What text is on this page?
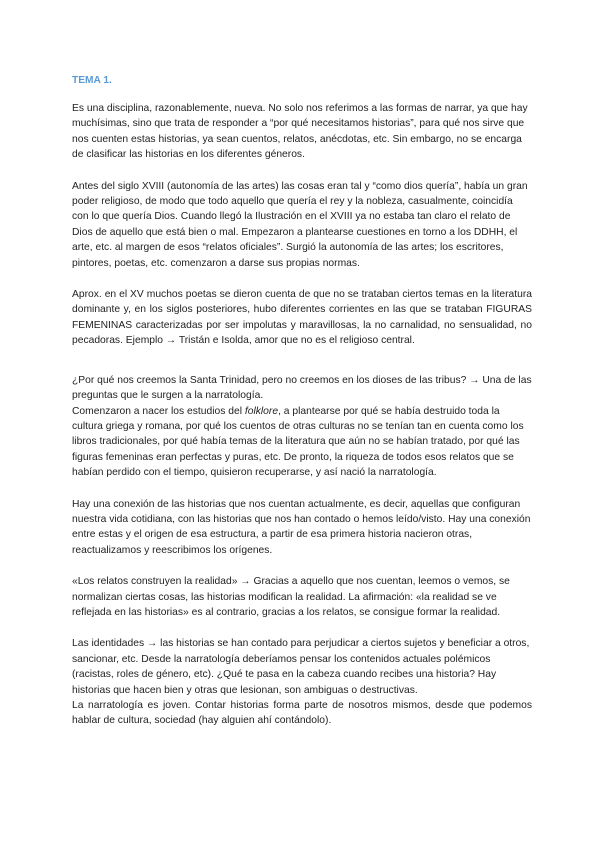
TEMA 1.

Es una disciplina, razonablemente, nueva. No solo nos referimos a las formas de narrar, ya que hay muchísimas, sino que trata de responder a “por qué necesitamos historias”, para qué nos sirve que nos cuenten estas historias, ya sean cuentos, relatos, anécdotas, etc. Sin embargo, no se encarga de clasificar las historias en los diferentes géneros.

Antes del siglo XVIII (autonomía de las artes) las cosas eran tal y “como dios quería”, había un gran poder religioso, de modo que todo aquello que quería el rey y la nobleza, casualmente, coincidía con lo que quería Dios. Cuando llegó la Ilustración en el XVIII ya no estaba tan claro el relato de Dios de aquello que está bien o mal. Empezaron a plantearse cuestiones en torno a los DDHH, el arte, etc. al margen de esos “relatos oficiales”. Surgió la autonomía de las artes; los escritores, pintores, poetas, etc. comenzaron a darse sus propias normas.

Aprox. en el XV muchos poetas se dieron cuenta de que no se trataban ciertos temas en la literatura dominante y, en los siglos posteriores, hubo diferentes corrientes en las que se trataban FIGURAS FEMENINAS caracterizadas por ser impolutas y maravillosas, la no carnalidad, no sensualidad, no pecadoras. Ejemplo → Tristán e Isolda, amor que no es el religioso central.

¿Por qué nos creemos la Santa Trinidad, pero no creemos en los dioses de las tribus? → Una de las preguntas que le surgen a la narratología.

Comenzaron a nacer los estudios del folklore, a plantearse por qué se había destruido toda la cultura griega y romana, por qué los cuentos de otras culturas no se tenían tan en cuenta como los libros tradicionales, por qué había temas de la literatura que aún no se habían tratado, por qué las figuras femeninas eran perfectas y puras, etc. De pronto, la riqueza de todos esos relatos que se habían perdido con el tiempo, quisieron recuperarse, y así nació la narratología.

Hay una conexión de las historias que nos cuentan actualmente, es decir, aquellas que configuran nuestra vida cotidiana, con las historias que nos han contado o hemos leído/visto. Hay una conexión entre estas y el origen de esa estructura, a partir de esa primera historia nacieron otras, reactualizamos y reescribimos los orígenes.

«Los relatos construyen la realidad» → Gracias a aquello que nos cuentan, leemos o vemos, se normalizan ciertas cosas, las historias modifican la realidad. La afirmación: «la realidad se ve reflejada en las historias» es al contrario, gracias a los relatos, se consigue formar la realidad.

Las identidades → las historias se han contado para perjudicar a ciertos sujetos y beneficiar a otros, sancionar, etc. Desde la narratología deberíamos pensar los contenidos actuales polémicos (racistas, roles de género, etc). ¿Qué te pasa en la cabeza cuando recibes una historia? Hay historias que hacen bien y otras que lesionan, son ambiguas o destructivas.

La narratología es joven. Contar historias forma parte de nosotros mismos, desde que podemos hablar de cultura, sociedad (hay alguien ahí contándolo).
